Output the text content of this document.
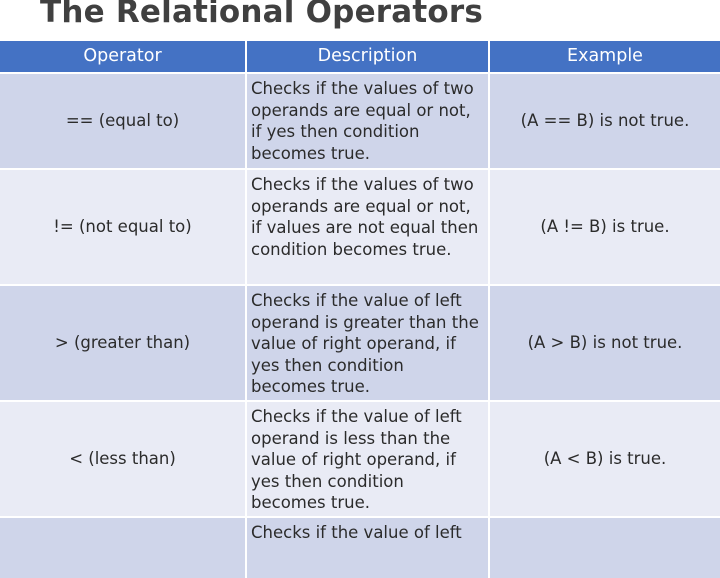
The Relational Operators
Operator	Description	Example
== (equal to)
Checks if the values of two operands are equal or not, if yes then condition becomes true.
(A == B) is not true.
!= (not equal to)
Checks if the values of two operands are equal or not, if values are not equal then condition becomes true.
(A != B) is true.
> (greater than)
Checks if the value of left operand is greater than the value of right operand, if yes then condition becomes true.
(A > B) is not true.
< (less than)
Checks if the value of left operand is less than the value of right operand, if yes then condition becomes true.
(A < B) is true.
Checks if the value of left
